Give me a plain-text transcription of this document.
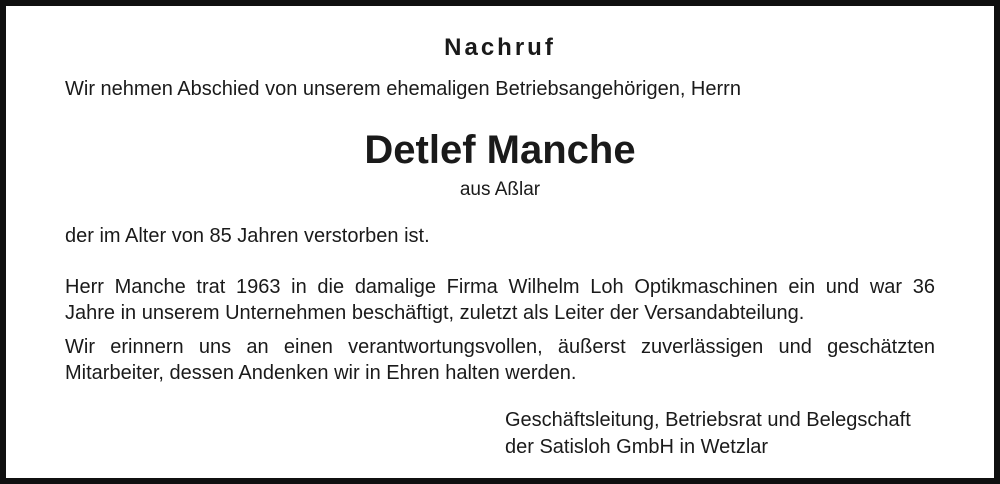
Nachruf
Wir nehmen Abschied von unserem ehemaligen Betriebsangehörigen, Herrn
Detlef Manche
aus Aßlar
der im Alter von 85 Jahren verstorben ist.
Herr Manche trat 1963 in die damalige Firma Wilhelm Loh Optikmaschinen ein und war 36
Jahre in unserem Unternehmen beschäftigt, zuletzt als Leiter der Versandabteilung.
Wir erinnern uns an einen verantwortungsvollen, äußerst zuverlässigen und geschätzten
Mitarbeiter, dessen Andenken wir in Ehren halten werden.
Geschäftsleitung, Betriebsrat und Belegschaft
der Satisloh GmbH in Wetzlar
